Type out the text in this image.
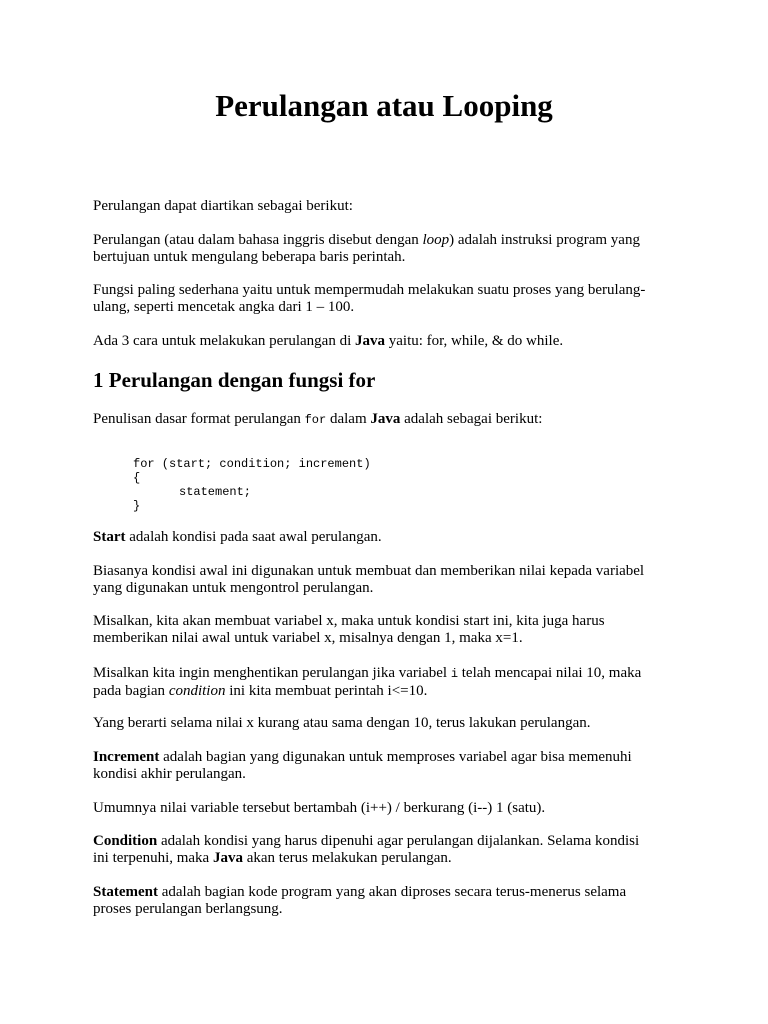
Perulangan atau Looping

Perulangan dapat diartikan sebagai berikut:

Perulangan (atau dalam bahasa inggris disebut dengan loop) adalah instruksi program yang
bertujuan untuk mengulang beberapa baris perintah.

Fungsi paling sederhana yaitu untuk mempermudah melakukan suatu proses yang berulang-
ulang, seperti mencetak angka dari 1 – 100.

Ada 3 cara untuk melakukan perulangan di Java yaitu: for, while, & do while.

1 Perulangan dengan fungsi for

Penulisan dasar format perulangan for dalam Java adalah sebagai berikut:

for (start; condition; increment)
{
statement;
}

Start adalah kondisi pada saat awal perulangan.

Biasanya kondisi awal ini digunakan untuk membuat dan memberikan nilai kepada variabel
yang digunakan untuk mengontrol perulangan.

Misalkan, kita akan membuat variabel x, maka untuk kondisi start ini, kita juga harus
memberikan nilai awal untuk variabel x, misalnya dengan 1, maka x=1.

Misalkan kita ingin menghentikan perulangan jika variabel i telah mencapai nilai 10, maka
pada bagian condition ini kita membuat perintah i<=10.

Yang berarti selama nilai x kurang atau sama dengan 10, terus lakukan perulangan.

Increment adalah bagian yang digunakan untuk memproses variabel agar bisa memenuhi
kondisi akhir perulangan.

Umumnya nilai variable tersebut bertambah (i++) / berkurang (i--) 1 (satu).

Condition adalah kondisi yang harus dipenuhi agar perulangan dijalankan. Selama kondisi
ini terpenuhi, maka Java akan terus melakukan perulangan.

Statement adalah bagian kode program yang akan diproses secara terus-menerus selama
proses perulangan berlangsung.
